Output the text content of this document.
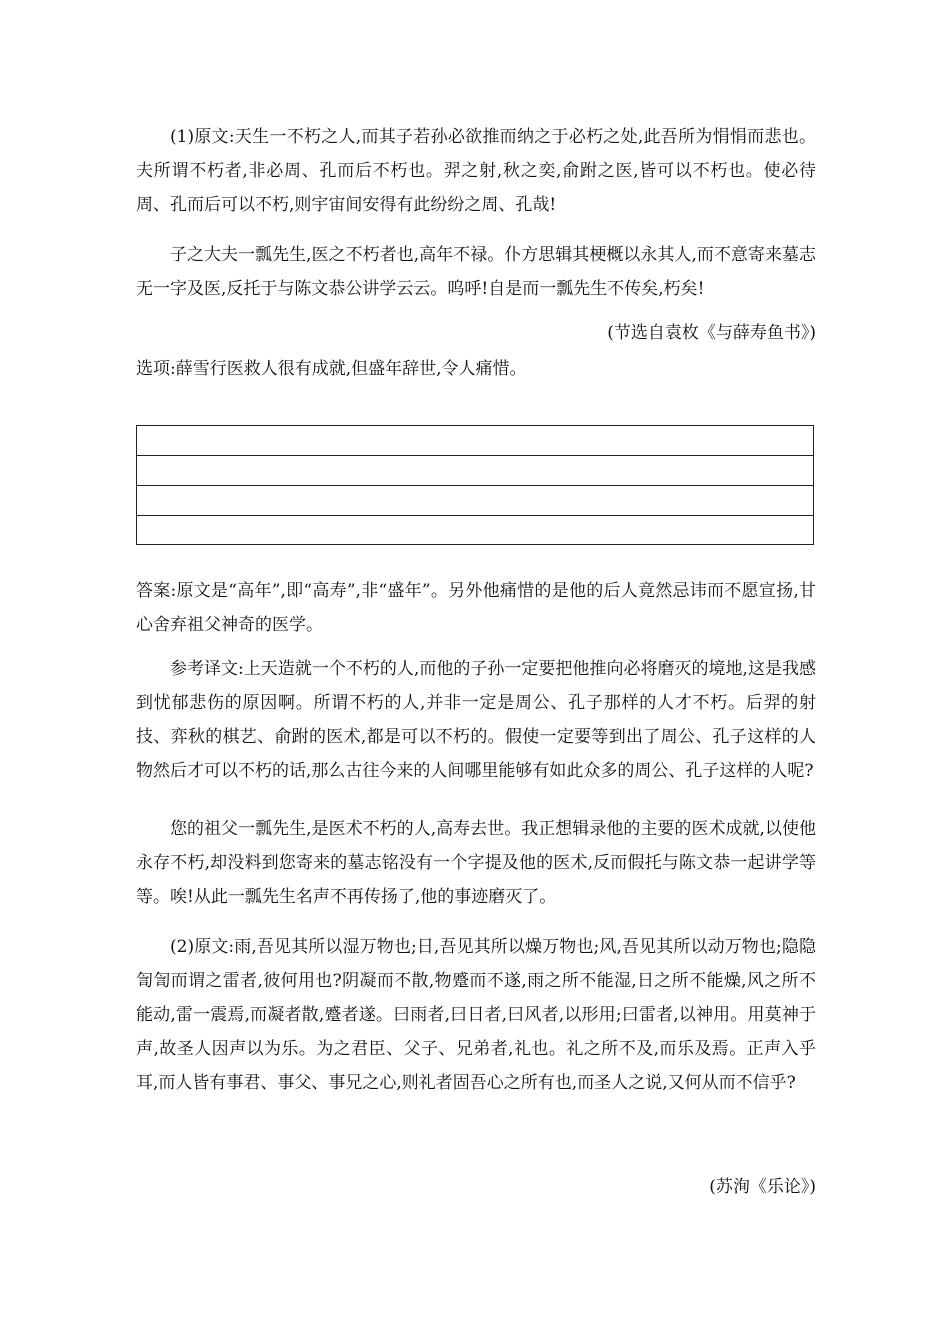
(1)原文:天生一不朽之人,而其子若孙必欲推而纳之于必朽之处,此吾所为悁悁而悲也。夫所谓不朽者,非必周、孔而后不朽也。羿之射,秋之奕,俞跗之医,皆可以不朽也。使必待周、孔而后可以不朽,则宇宙间安得有此纷纷之周、孔哉!

子之大夫一瓢先生,医之不朽者也,高年不禄。仆方思辑其梗概以永其人,而不意寄来墓志无一字及医,反托于与陈文恭公讲学云云。呜呼!自是而一瓢先生不传矣,朽矣!

(节选自袁枚《与薛寿鱼书》)

选项:薛雪行医救人很有成就,但盛年辞世,令人痛惜。

答案:原文是“高年”,即“高寿”,非“盛年”。另外他痛惜的是他的后人竟然忌讳而不愿宣扬,甘心舍弃祖父神奇的医学。

参考译文:上天造就一个不朽的人,而他的子孙一定要把他推向必将磨灭的境地,这是我感到忧郁悲伤的原因啊。所谓不朽的人,并非一定是周公、孔子那样的人才不朽。后羿的射技、弈秋的棋艺、俞跗的医术,都是可以不朽的。假使一定要等到出了周公、孔子这样的人物然后才可以不朽的话,那么古往今来的人间哪里能够有如此众多的周公、孔子这样的人呢?

您的祖父一瓢先生,是医术不朽的人,高寿去世。我正想辑录他的主要的医术成就,以使他永存不朽,却没料到您寄来的墓志铭没有一个字提及他的医术,反而假托与陈文恭一起讲学等等。唉!从此一瓢先生名声不再传扬了,他的事迹磨灭了。

(2)原文:雨,吾见其所以湿万物也;日,吾见其所以燥万物也;风,吾见其所以动万物也;隐隐訇訇而谓之雷者,彼何用也?阴凝而不散,物蹙而不遂,雨之所不能湿,日之所不能燥,风之所不能动,雷一震焉,而凝者散,蹙者遂。曰雨者,曰日者,曰风者,以形用;曰雷者,以神用。用莫神于声,故圣人因声以为乐。为之君臣、父子、兄弟者,礼也。礼之所不及,而乐及焉。正声入乎耳,而人皆有事君、事父、事兄之心,则礼者固吾心之所有也,而圣人之说,又何从而不信乎?

(苏洵《乐论》)
